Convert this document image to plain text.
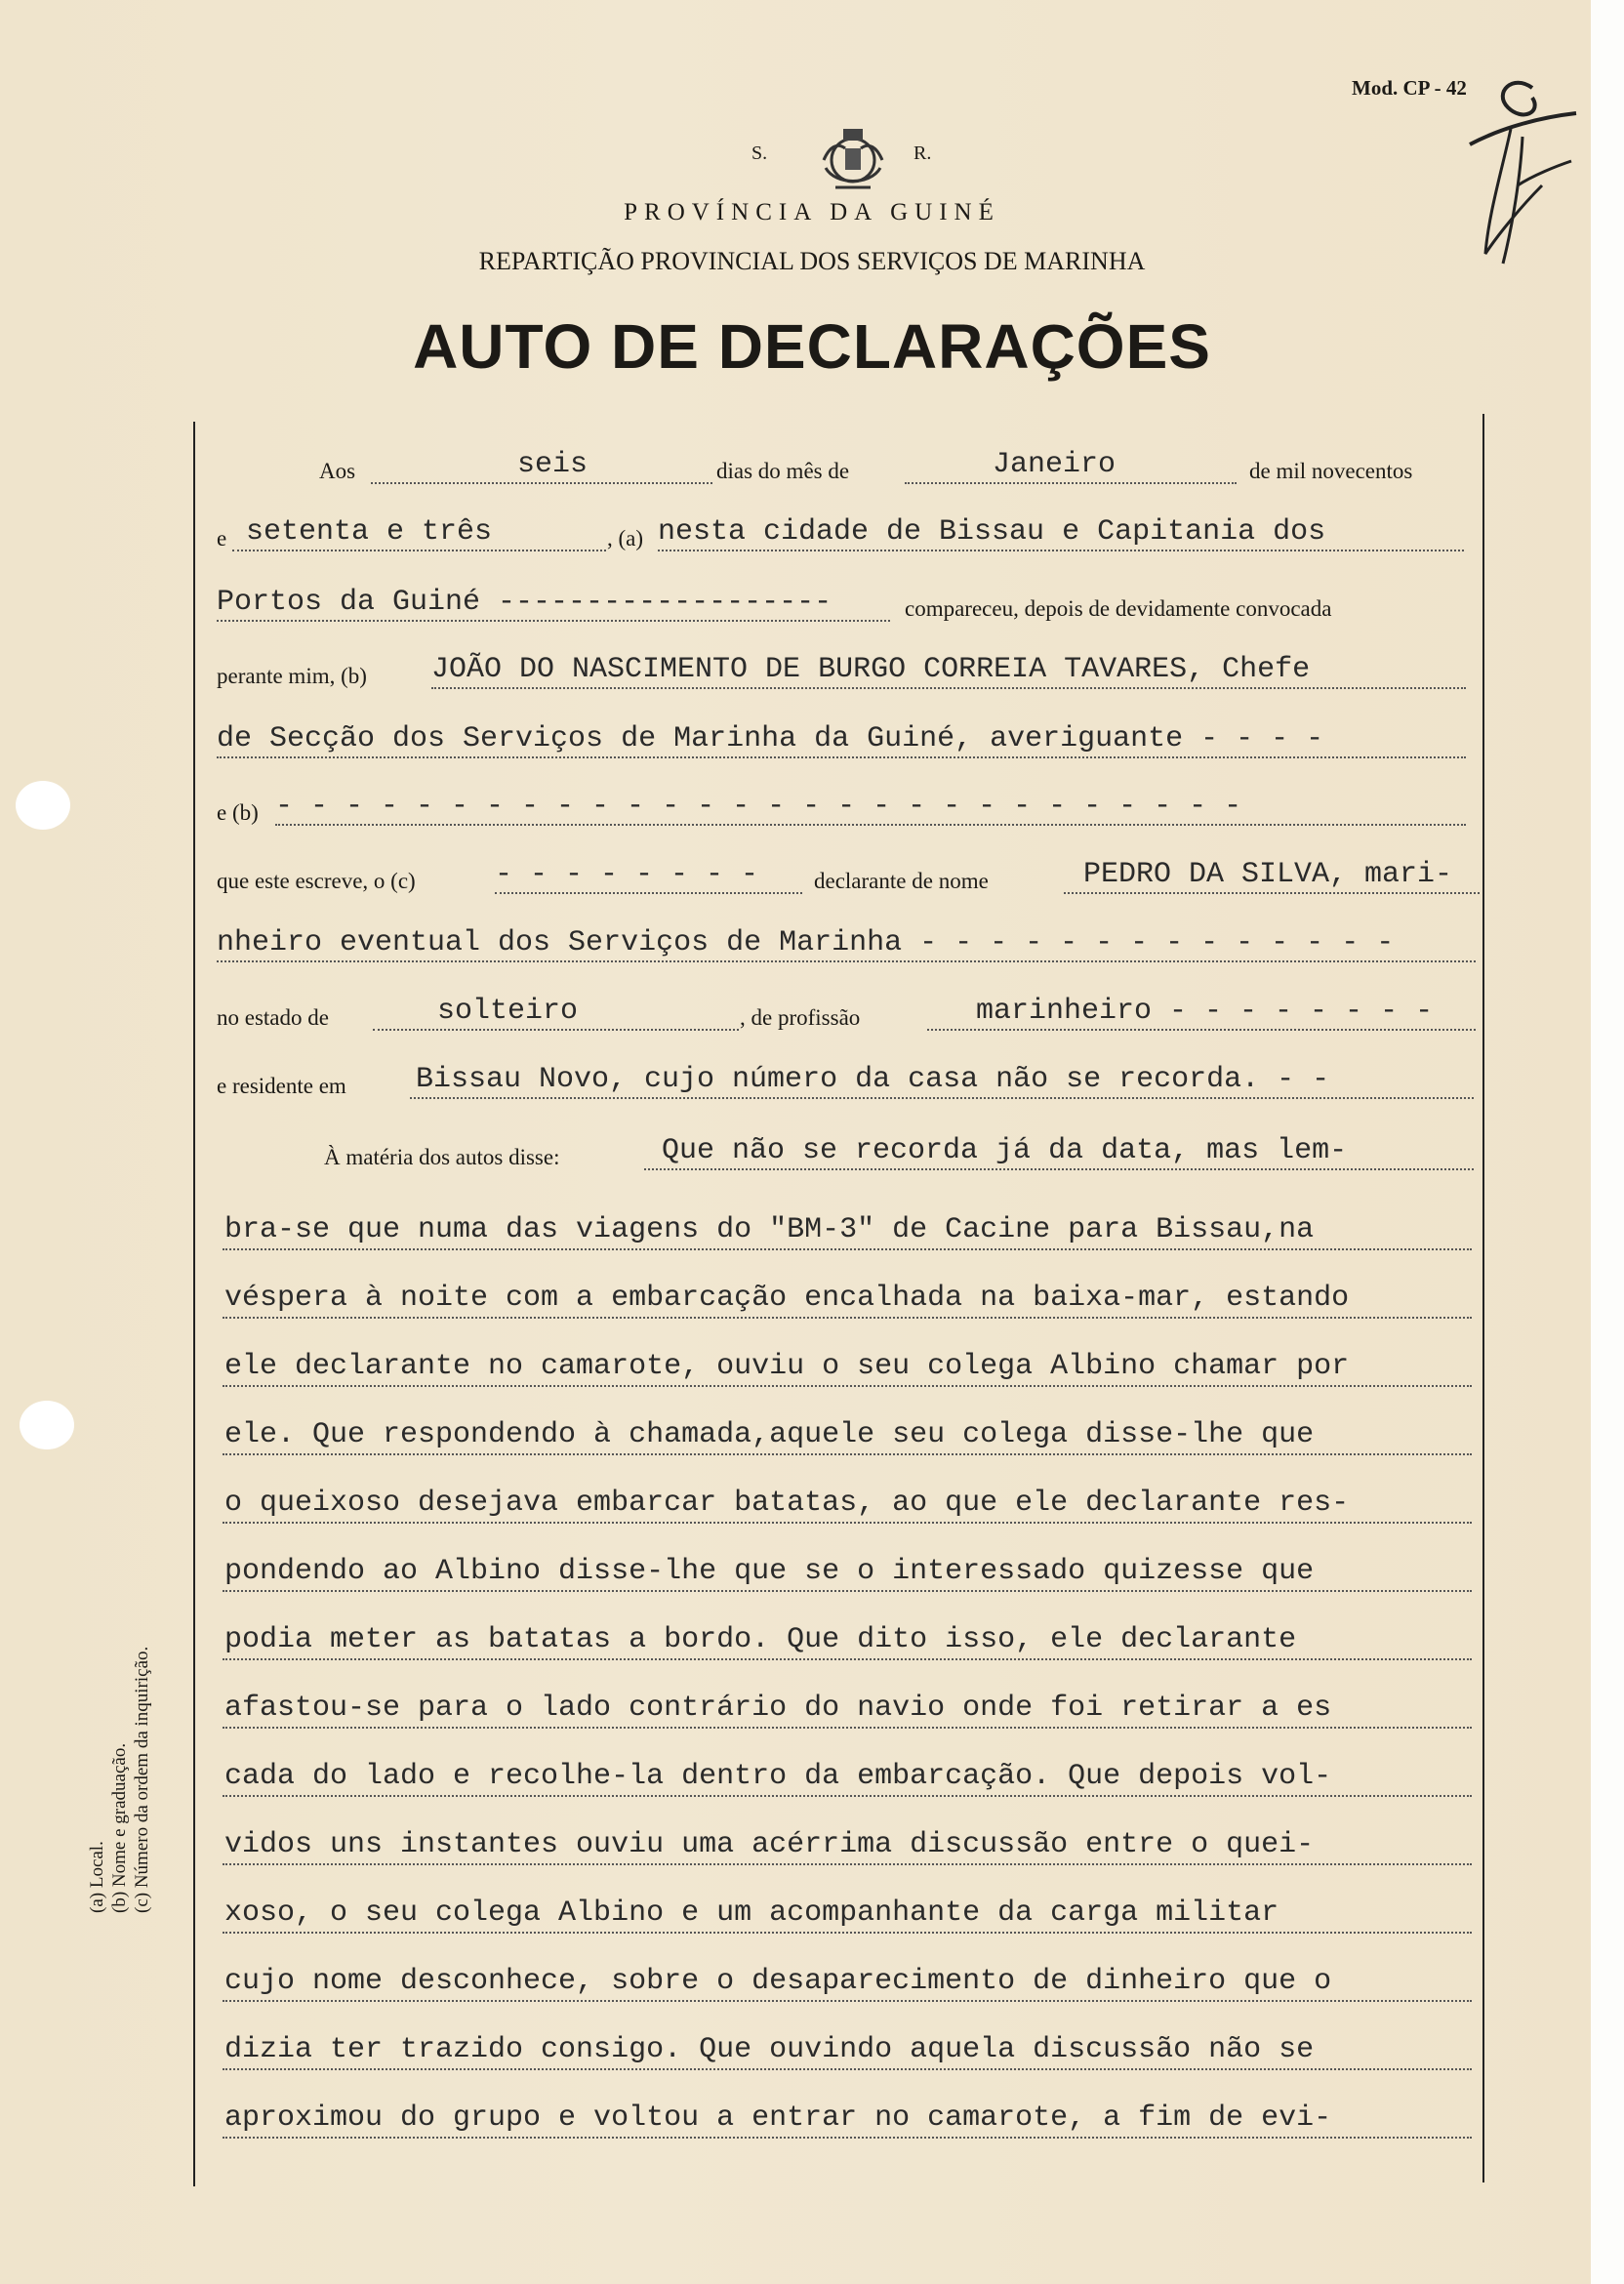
Mod. CP - 42
S.	R.
PROVÍNCIA DA GUINÉ
REPARTIÇÃO PROVINCIAL DOS SERVIÇOS DE MARINHA
AUTO DE DECLARAÇÕES
Aos	seis	dias do mês de	Janeiro	de mil novecentos
e setenta e três	, (a) nesta cidade de Bissau e Capitania dos
Portos da Guiné -------------------	compareceu, depois de devidamente convocada
perante mim, (b) JOÃO DO NASCIMENTO DE BURGO CORREIA TAVARES, Chefe
de Secção dos Serviços de Marinha da Guiné, averiguante - - - -
e (b) - - - - - - - - - - - - - - - - - - - - - - - - - - - -
que este escreve, o (c)	- - - - - - - -	declarante de nome	PEDRO DA SILVA, mari-
nheiro eventual dos Serviços de Marinha - - - - - - - - - - - - - -
no estado de	solteiro	, de profissão	marinheiro - - - - - - - -
e residente em Bissau Novo, cujo número da casa não se recorda. - -
À matéria dos autos disse:	Que não se recorda já da data, mas lem-
bra-se que numa das viagens do "BM-3" de Cacine para Bissau,na
véspera à noite com a embarcação encalhada na baixa-mar, estando
ele declarante no camarote, ouviu o seu colega Albino chamar por
ele. Que respondendo à chamada,aquele seu colega disse-lhe que
o queixoso desejava embarcar batatas, ao que ele declarante res-
pondendo ao Albino disse-lhe que se o interessado quizesse que
podia meter as batatas a bordo. Que dito isso, ele declarante
afastou-se para o lado contrário do navio onde foi retirar a es
cada do lado e recolhe-la dentro da embarcação. Que depois vol-
vidos uns instantes ouviu uma acérrima discussão entre o quei-
xoso, o seu colega Albino e um acompanhante da carga militar
cujo nome desconhece, sobre o desaparecimento de dinheiro que o
dizia ter trazido consigo. Que ouvindo aquela discussão não se
aproximou do grupo e voltou a entrar no camarote, a fim de evi-
(a) Local. (b) Nome e graduação. (c) Número da ordem da inquirição.
